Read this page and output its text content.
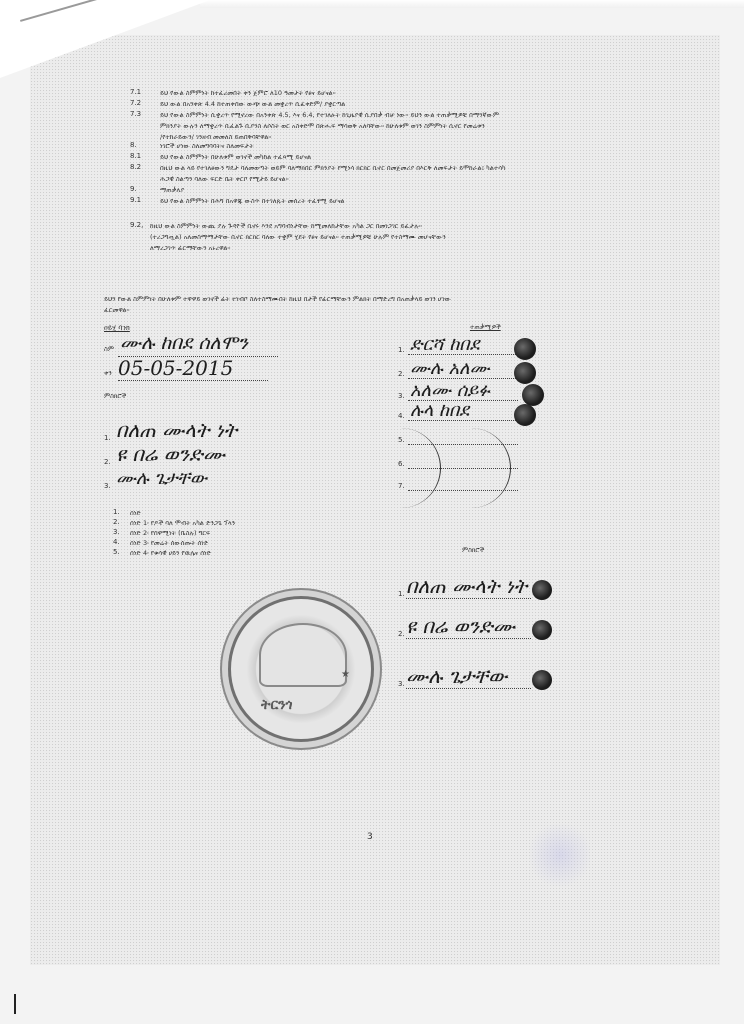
7.1	ይህ የውል ስምምነት ከተፈረመበት ቀን ጀምሮ ለ10 ዓመታት የፀና ይሆናል።
7.2	ይህ ውል በአንቀጽ 4.4 ከተጠቀሰው ውጭ ውል መቋረጥ ሲፈቀድም/ ያቋርጣል
7.3	ይህ የውል ስምምነት ሲቋረጥ የሚኖረው በአንቀጽ 4.5, እና 6.4, የተገለፁት ከጊዜያዊ ሲያበቃ ብቻ ነው። ይህን ውል ተጠቃሚዎቹ በማንኛውም
ምክንያት ውሉን ለማቋረጥ ቢፈልጉ ቢያንስ ለሶስት ወር አስቀድሞ በጽሑፍ ማሳወቅ አለባቸው። ከሁለቱም ወገን ስምምነት ሲኖር የመሬቱን
/የተከራይውን/ ገንዘብ መመለስ ይጠበቅባቸዋል።
8.	ነገሮች ሆነው ስለመግባባትና ስለመፍታት
8.1	ይህ የውል ስምምነት በሁለቱም ወገኖች መካከል ተፈጻሚ ይሆናል
8.2	በዚህ ውል ላይ የተገለፀውን ግዴታ ባለመወጣት ወይም ባለማክበር ምክንያት የሚነሳ ክርክር ቢኖር በመጀመሪያ በእርቅ ለመፍታት ይሞከራል፤ ካልተሳካ
ሕጋዊ ስልጣን ባለው ፍርድ ቤት ቀርቦ የሚታይ ይሆናል።
9.	ማጠቃለያ
9.1	ይህ የውል ስምምነት በሕግ በአዋጁ ውስጥ በተገለጹት መሰረት ተፈፃሚ ይሆናል
9.2, ከዚህ ውል ስምምነት ውጪ ያሉ ጉዳዮች ቢኖሩ እንደ አግባብነታቸው ከሚመለከታቸው አካል ጋር በመነጋገር ይፈታሉ።
(ተረጋግጧል) አለመስማማታቸው ቢኖር ክርክር ባለው ተቋም ሂደት የፀና ይሆናል። ተጠቃሚዎቹ ሁሉም የተስማሙ መሆናቸውን
ለማረጋገጥ ፊርማቸውን አኑረዋል።
ይህን የውል ስምምነት በሁለቱም ተዋዋይ ወገኖች ፊት ተነብቦ ስለተስማሙበት ከዚህ በታች የፊርማቸውን ምልክት በማድረግ በአጠቃላይ ወገን ሆነው
ፈርመዋል።
ዐይሂ ባንክ
ስም ሙሉ ከበደ ሰለሞን
ቀን 05-05-2015
ምስክሮች
1. በለጠ ሙላት ነት
2. ዩ በሬ ወንድሙ
3. ሙሉ ጌታቸው
1. ሰነድ
2. ሰነድ 1፡ የዶች ባለ ሞብት አካል ድንጋጌ ፕላን
3. ሰነድ 2፡ የሰዋሚነት (ቤስሉ) ግርፍ
4. ሰነድ 3፡ የመሬት ሰውሰጡት ሰነድ
5. ሰነድ 4፡ የቁሳዊ ሀይን የዉሌና ሰነድ
ተጠቃሚዎች
1. ድርሻ ከበደ
2. ሙሉ አለሙ
3. አለሙ ሰይፉ
4. ሉላ ከበደ
5.
6.
7.
ምስክሮች
1. በለጠ ሙላት ነት
2. ዩ በሬ ወንድሙ
3. ሙሉ ጌታቸው
★
ትርንጎ
3
